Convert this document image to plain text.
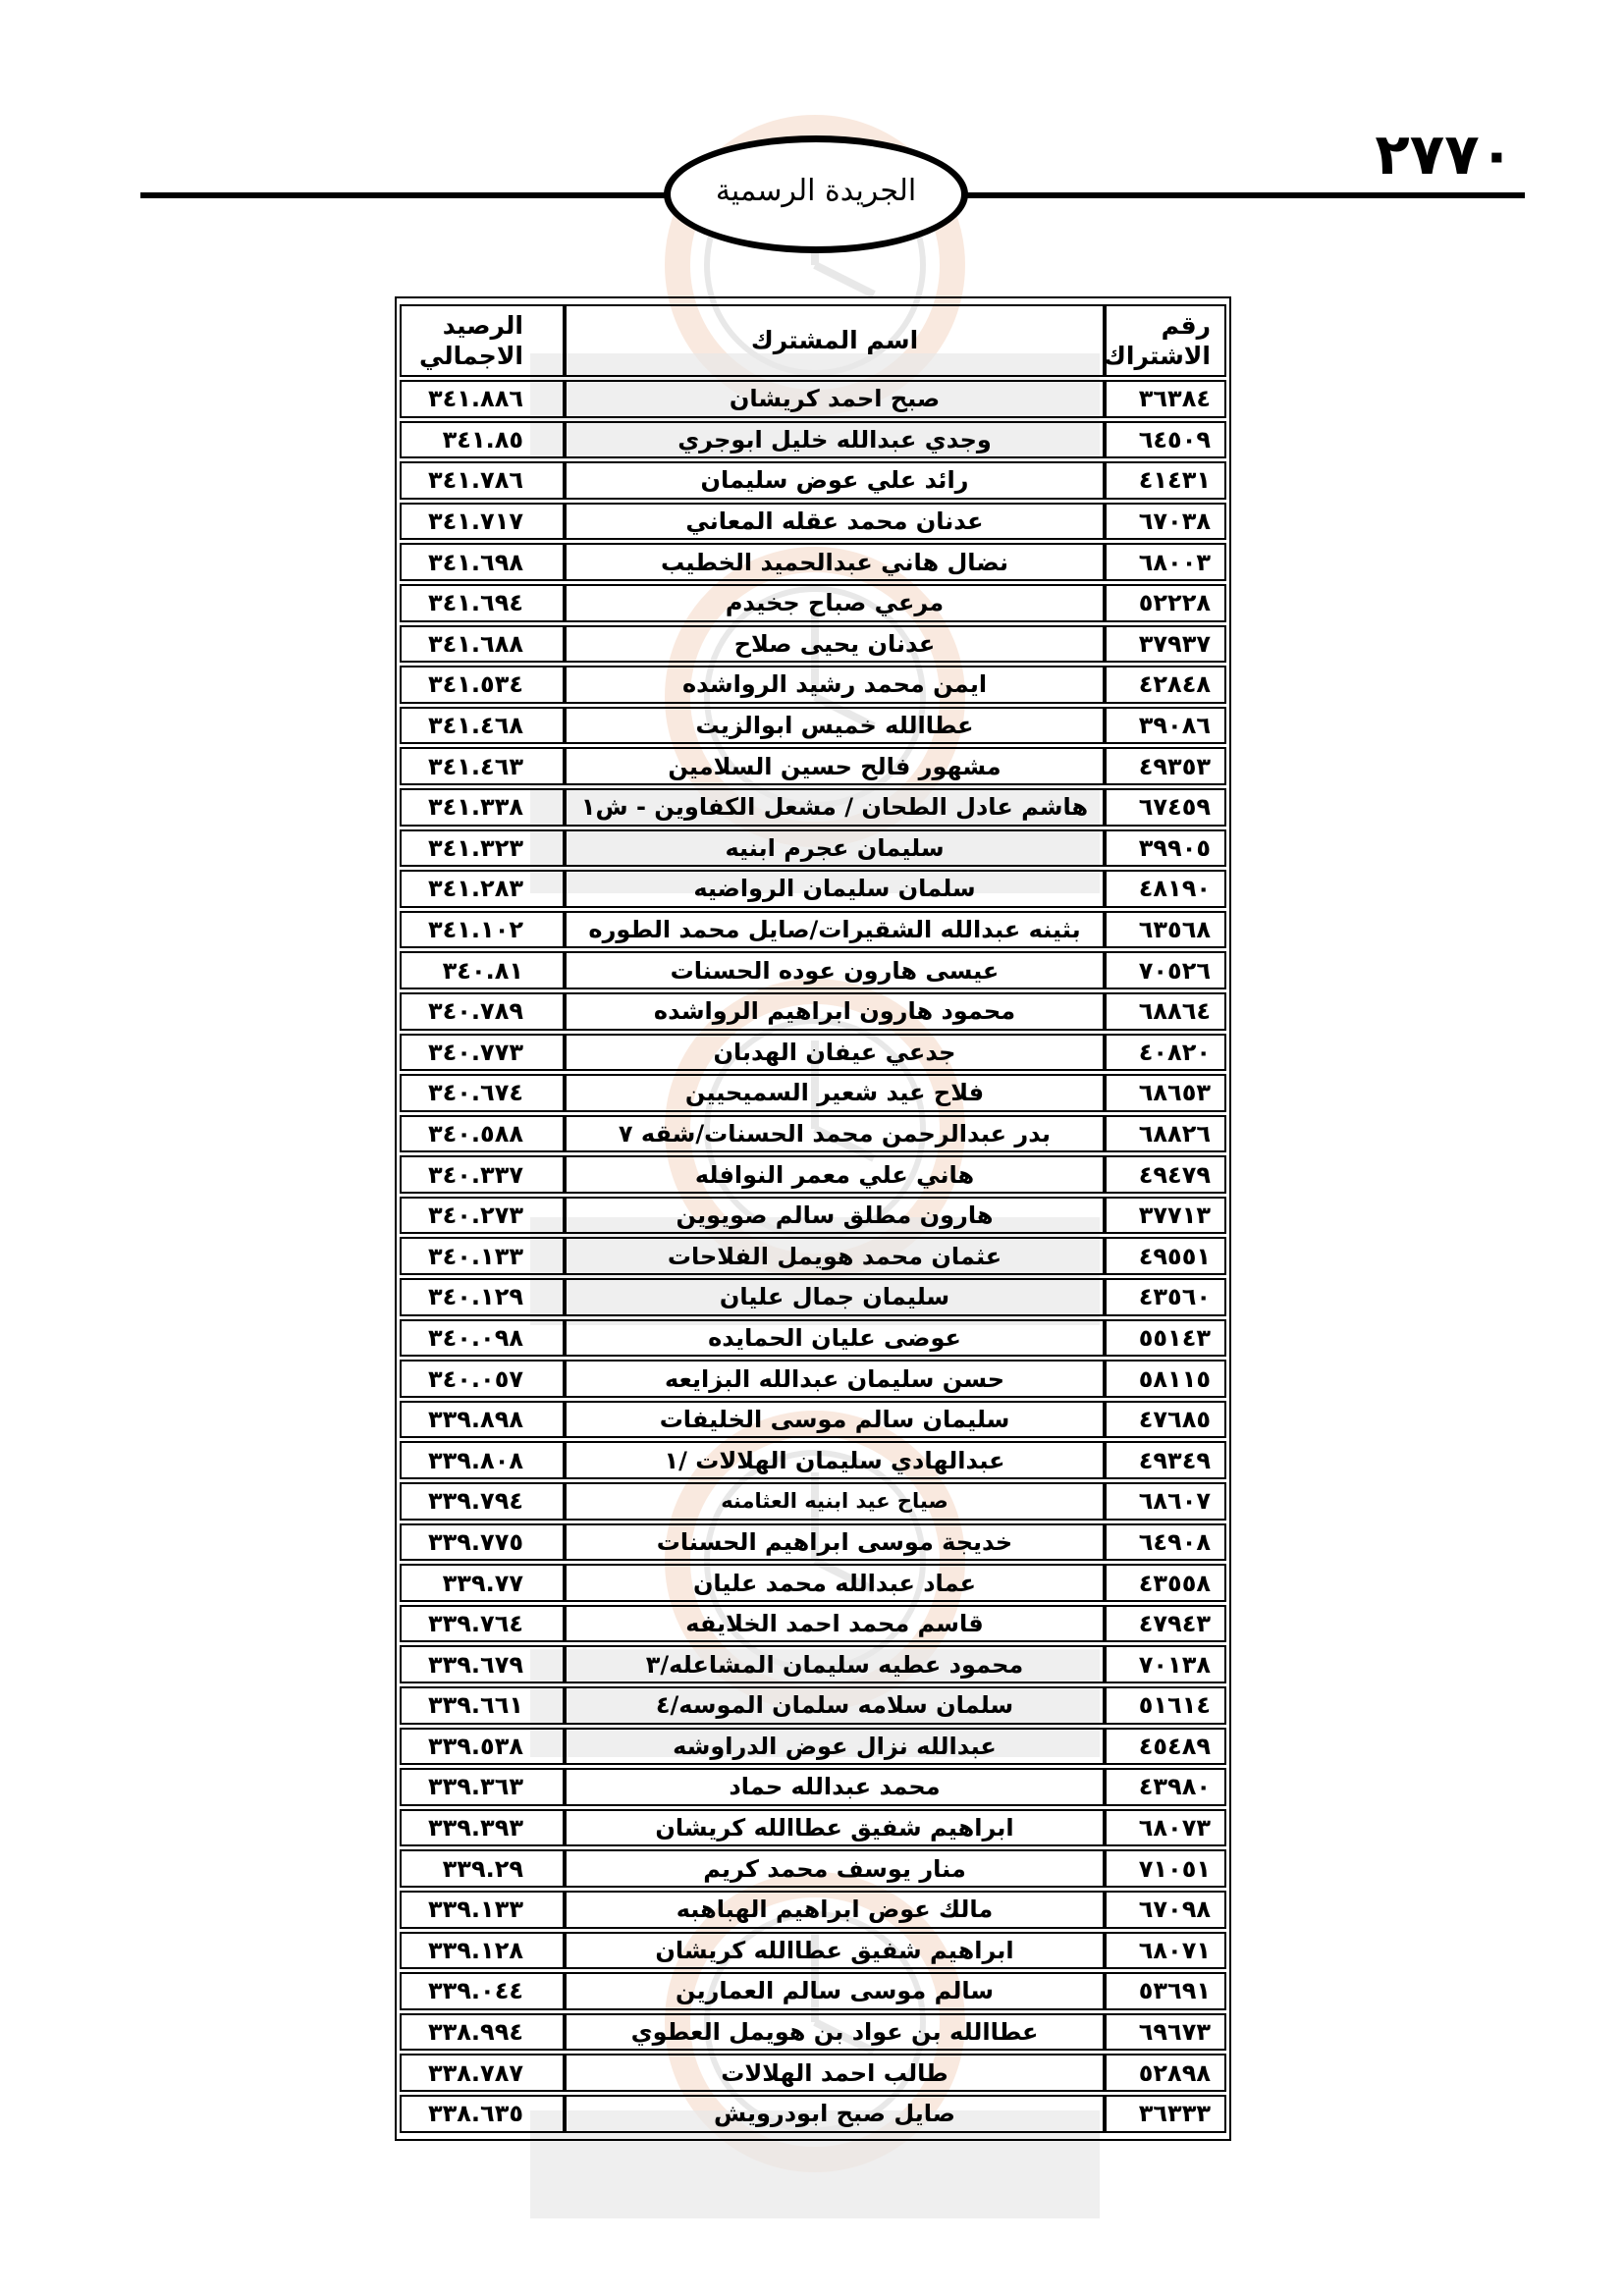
٢٧٧٠
الجريدة الرسمية
رقم الاشتراك	اسم المشترك	الرصيد الاجمالي
٣٦٣٨٤	صبح احمد كريشان	٣٤١.٨٨٦
٦٤٥٠٩	وجدي عبدالله خليل ابوجري	٣٤١.٨٥
٤١٤٣١	رائد علي عوض سليمان	٣٤١.٧٨٦
٦٧٠٣٨	عدنان محمد عقله المعاني	٣٤١.٧١٧
٦٨٠٠٣	نضال هاني عبدالحميد الخطيب	٣٤١.٦٩٨
٥٢٢٢٨	مرعي صباح جخيدم	٣٤١.٦٩٤
٣٧٩٣٧	عدنان يحيى صلاح	٣٤١.٦٨٨
٤٢٨٤٨	ايمن محمد رشيد الرواشده	٣٤١.٥٣٤
٣٩٠٨٦	عطاالله خميس ابوالزيت	٣٤١.٤٦٨
٤٩٣٥٣	مشهور فالح حسين السلامين	٣٤١.٤٦٣
٦٧٤٥٩	هاشم عادل الطحان / مشعل الكفاوين - ش١	٣٤١.٣٣٨
٣٩٩٠٥	سليمان عجرم ابنيه	٣٤١.٣٢٣
٤٨١٩٠	سلمان سليمان الرواضيه	٣٤١.٢٨٣
٦٣٥٦٨	بثينه عبدالله الشقيرات/صايل محمد الطوره	٣٤١.١٠٢
٧٠٥٢٦	عيسى هارون عوده الحسنات	٣٤٠.٨١
٦٨٨٦٤	محمود هارون ابراهيم الرواشده	٣٤٠.٧٨٩
٤٠٨٢٠	جدعي عيفان الهدبان	٣٤٠.٧٧٣
٦٨٦٥٣	فلاح عيد شعير السميحيين	٣٤٠.٦٧٤
٦٨٨٢٦	بدر عبدالرحمن محمد الحسنات/شقه ٧	٣٤٠.٥٨٨
٤٩٤٧٩	هاني علي معمر النوافله	٣٤٠.٣٣٧
٣٧٧١٣	هارون مطلق سالم صويوين	٣٤٠.٢٧٣
٤٩٥٥١	عثمان محمد هويمل الفلاحات	٣٤٠.١٣٣
٤٣٥٦٠	سليمان جمال عليان	٣٤٠.١٢٩
٥٥١٤٣	عوضى عليان الحمايده	٣٤٠.٠٩٨
٥٨١١٥	حسن سليمان عبدالله البزايعه	٣٤٠.٠٥٧
٤٧٦٨٥	سليمان سالم موسى الخليفات	٣٣٩.٨٩٨
٤٩٣٤٩	عبدالهادي سليمان الهلالات /١	٣٣٩.٨٠٨
٦٨٦٠٧	صياح عيد ابنيه العثامنه	٣٣٩.٧٩٤
٦٤٩٠٨	خديجة موسى ابراهيم الحسنات	٣٣٩.٧٧٥
٤٣٥٥٨	عماد عبدالله محمد عليان	٣٣٩.٧٧
٤٧٩٤٣	قاسم محمد احمد الخلايفه	٣٣٩.٧٦٤
٧٠١٣٨	محمود عطيه سليمان المشاعله/٣	٣٣٩.٦٧٩
٥١٦١٤	سلمان سلامه سلمان الموسه/٤	٣٣٩.٦٦١
٤٥٤٨٩	عبدالله نزال عوض الدراوشه	٣٣٩.٥٣٨
٤٣٩٨٠	محمد عبدالله حماد	٣٣٩.٣٦٣
٦٨٠٧٣	ابراهيم شفيق عطاالله كريشان	٣٣٩.٣٩٣
٧١٠٥١	منار يوسف محمد كريم	٣٣٩.٢٩
٦٧٠٩٨	مالك عوض ابراهيم الهباهبه	٣٣٩.١٣٣
٦٨٠٧١	ابراهيم شفيق عطاالله كريشان	٣٣٩.١٢٨
٥٣٦٩١	سالم موسى سالم العمارين	٣٣٩.٠٤٤
٦٩٦٧٣	عطاالله بن عواد بن هويمل العطوي	٣٣٨.٩٩٤
٥٢٨٩٨	طالب احمد الهلالات	٣٣٨.٧٨٧
٣٦٣٣٣	صايل صبح ابودرويش	٣٣٨.٦٣٥
